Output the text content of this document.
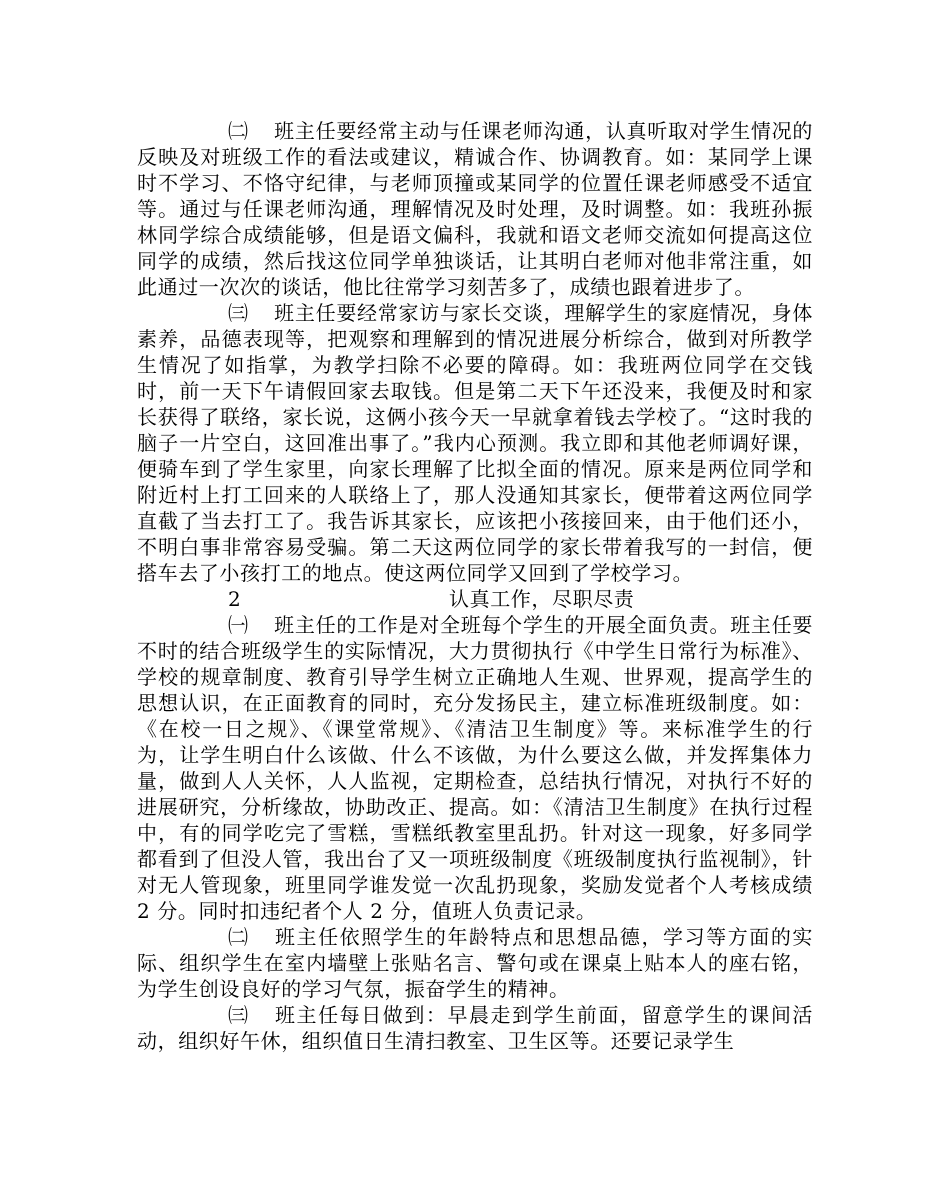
㈡ 班主任要经常主动与任课老师沟通，认真听取对学生情况的反映及对班级工作的看法或建议，精诚合作、协调教育。如：某同学上课时不学习、不恪守纪律，与老师顶撞或某同学的位置任课老师感受不适宜等。通过与任课老师沟通，理解情况及时处理，及时调整。如：我班孙振林同学综合成绩能够，但是语文偏科，我就和语文老师交流如何提高这位同学的成绩，然后找这位同学单独谈话，让其明白老师对他非常注重，如此通过一次次的谈话，他比往常学习刻苦多了，成绩也跟着进步了。

㈢ 班主任要经常家访与家长交谈，理解学生的家庭情况，身体素养，品德表现等，把观察和理解到的情况进展分析综合，做到对所教学生情况了如指掌，为教学扫除不必要的障碍。如：我班两位同学在交钱时，前一天下午请假回家去取钱。但是第二天下午还没来，我便及时和家长获得了联络，家长说，这俩小孩今天一早就拿着钱去学校了。“这时我的脑子一片空白，这回准出事了。”我内心预测。我立即和其他老师调好课，便骑车到了学生家里，向家长理解了比拟全面的情况。原来是两位同学和附近村上打工回来的人联络上了，那人没通知其家长，便带着这两位同学直截了当去打工了。我告诉其家长，应该把小孩接回来，由于他们还小，不明白事非常容易受骗。第二天这两位同学的家长带着我写的一封信，便搭车去了小孩打工的地点。使这两位同学又回到了学校学习。

2	认真工作，尽职尽责

㈠ 班主任的工作是对全班每个学生的开展全面负责。班主任要不时的结合班级学生的实际情况，大力贯彻执行《中学生日常行为标准》、学校的规章制度、教育引导学生树立正确地人生观、世界观，提高学生的思想认识，在正面教育的同时，充分发扬民主，建立标准班级制度。如：《在校一日之规》、《课堂常规》、《清洁卫生制度》等。来标准学生的行为，让学生明白什么该做、什么不该做，为什么要这么做，并发挥集体力量，做到人人关怀，人人监视，定期检查，总结执行情况，对执行不好的进展研究，分析缘故，协助改正、提高。如：《清洁卫生制度》在执行过程中，有的同学吃完了雪糕，雪糕纸教室里乱扔。针对这一现象，好多同学都看到了但没人管，我出台了又一项班级制度《班级制度执行监视制》，针对无人管现象，班里同学谁发觉一次乱扔现象，奖励发觉者个人考核成绩 2 分。同时扣违纪者个人 2 分，值班人负责记录。

㈡ 班主任依照学生的年龄特点和思想品德，学习等方面的实际、组织学生在室内墙壁上张贴名言、警句或在课桌上贴本人的座右铭，为学生创设良好的学习气氛，振奋学生的精神。

㈢ 班主任每日做到：早晨走到学生前面，留意学生的课间活动，组织好午休，组织值日生清扫教室、卫生区等。还要记录学生
